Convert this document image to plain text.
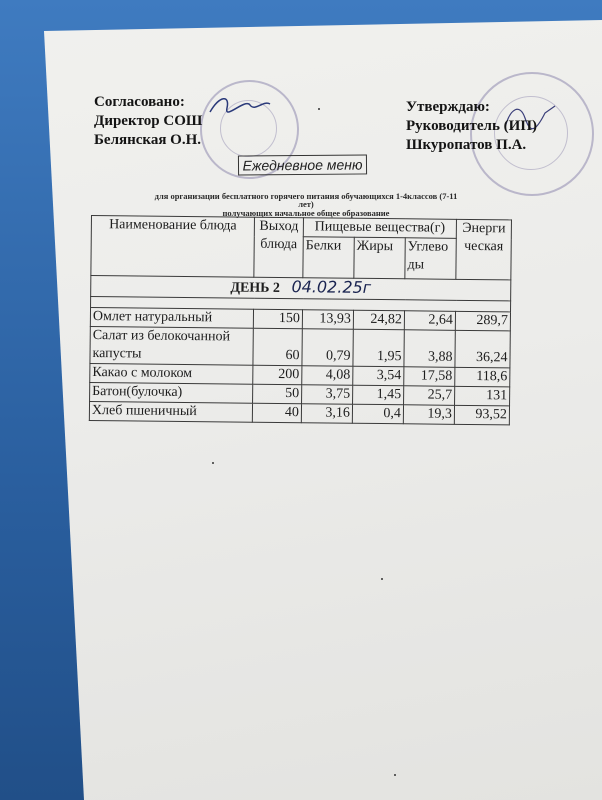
Согласовано:
Директор СОШ
Белянская О.Н.
Утверждаю:
Руководитель (ИП)
Шкуропатов П.А.
Ежедневное меню
для организации бесплатного горячего питания обучающихся 1-4классов (7-11
лет)
получающих начальное общее образование
Наименование блюда	Выход блюда	Пищевые вещества(г)			Энергическая
		Белки	Жиры	Углеводы	
ДЕНЬ 2 04.02.25г					

Омлет натуральный	150	13,93	24,82	2,64	289,7
Салат из белокочанной капусты	60	0,79	1,95	3,88	36,24
Какао с молоком	200	4,08	3,54	17,58	118,6
Батон(булочка)	50	3,75	1,45	25,7	131
Хлеб пшеничный	40	3,16	0,4	19,3	93,52
